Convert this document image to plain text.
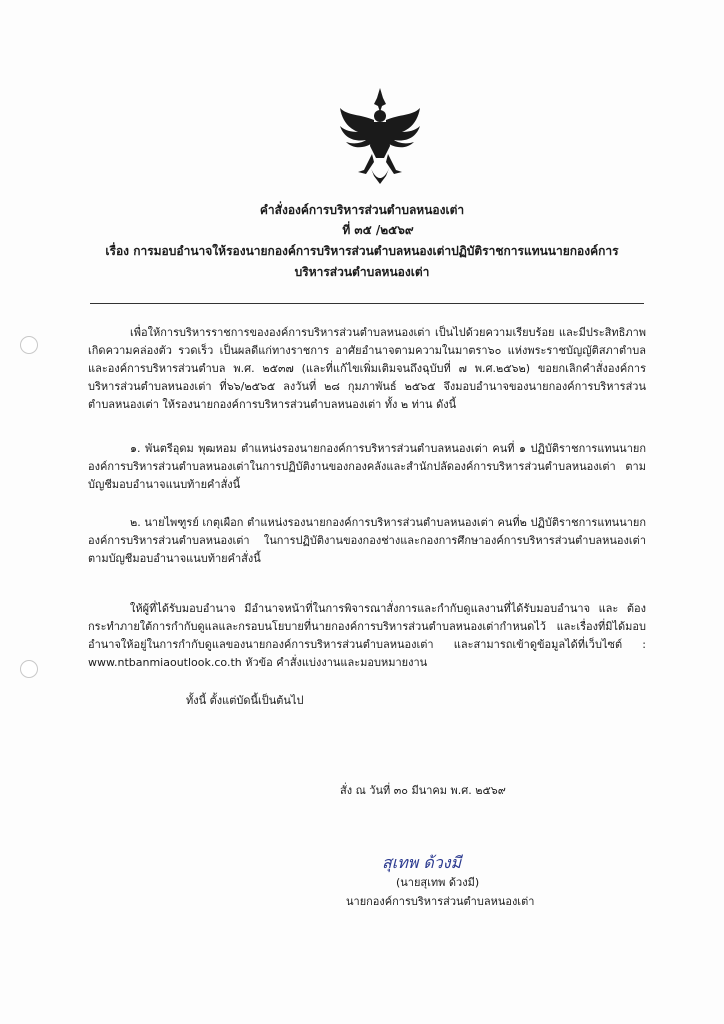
คำสั่งองค์การบริหารส่วนตำบลหนองเต่า
ที่ ๓๕ /๒๕๖๙
เรื่อง การมอบอำนาจให้รองนายกองค์การบริหารส่วนตำบลหนองเต่าปฏิบัติราชการแทนนายกองค์การ
บริหารส่วนตำบลหนองเต่า

เพื่อให้การบริหารราชการขององค์การบริหารส่วนตำบลหนองเต่า เป็นไปด้วยความเรียบร้อย และมีประสิทธิภาพ เกิดความคล่องตัว รวดเร็ว เป็นผลดีแก่ทางราชการ อาศัยอำนาจตามความในมาตรา๖๐ แห่งพระราชบัญญัติสภาตำบลและองค์การบริหารส่วนตำบล พ.ศ. ๒๕๓๗ (และที่แก้ไขเพิ่มเติมจนถึงฉุบับที่ ๗ พ.ศ.๒๕๖๒) ขอยกเลิกคำสั่งองค์การบริหารส่วนตำบลหนองเต่า ที่๖๖/๒๕๖๕ ลงวันที่ ๒๘ กุมภาพันธ์ ๒๕๖๕ จึงมอบอำนาจของนายกองค์การบริหารส่วนตำบลหนองเต่า ให้รองนายกองค์การบริหารส่วนตำบลหนองเต่า ทั้ง ๒ ท่าน ดังนี้

๑. พันตรีอุดม พุฒหอม ตำแหน่งรองนายกองค์การบริหารส่วนตำบลหนองเต่า คนที่ ๑ ปฏิบัติราชการแทนนายกองค์การบริหารส่วนตำบลหนองเต่าในการปฏิบัติงานของกองคลังและสำนักปลัดองค์การบริหารส่วนตำบลหนองเต่า ตามบัญชีมอบอำนาจแนบท้ายคำสั่งนี้

๒. นายไพฑูรย์ เกตุเผือก ตำแหน่งรองนายกองค์การบริหารส่วนตำบลหนองเต่า คนที่๒ ปฏิบัติราชการแทนนายกองค์การบริหารส่วนตำบลหนองเต่า ในการปฏิบัติงานของกองช่างและกองการศึกษาองค์การบริหารส่วนตำบลหนองเต่า ตามบัญชีมอบอำนาจแนบท้ายคำสั่งนี้

ให้ผู้ที่ได้รับมอบอำนาจ มีอำนาจหน้าที่ในการพิจารณาสั่งการและกำกับดูแลงานที่ได้รับมอบอำนาจ และ ต้องกระทำภายใต้การกำกับดูแลและกรอบนโยบายที่นายกองค์การบริหารส่วนตำบลหนองเต่ากำหนดไว้ และเรื่องที่มิได้มอบอำนาจให้อยู่ในการกำกับดูแลของนายกองค์การบริหารส่วนตำบลหนองเต่า และสามารถเข้าดูข้อมูลได้ที่เว็บไซต์ : www.ntbanmiaoutlook.co.th หัวข้อ คำสั่งแบ่งงานและมอบหมายงาน

ทั้งนี้ ตั้งแต่บัดนี้เป็นต้นไป
สั่ง ณ วันที่ ๓๐ มีนาคม พ.ศ. ๒๕๖๙
สุเทพ ด้วงมี
(นายสุเทพ ด้วงมี)
นายกองค์การบริหารส่วนตำบลหนองเต่า
